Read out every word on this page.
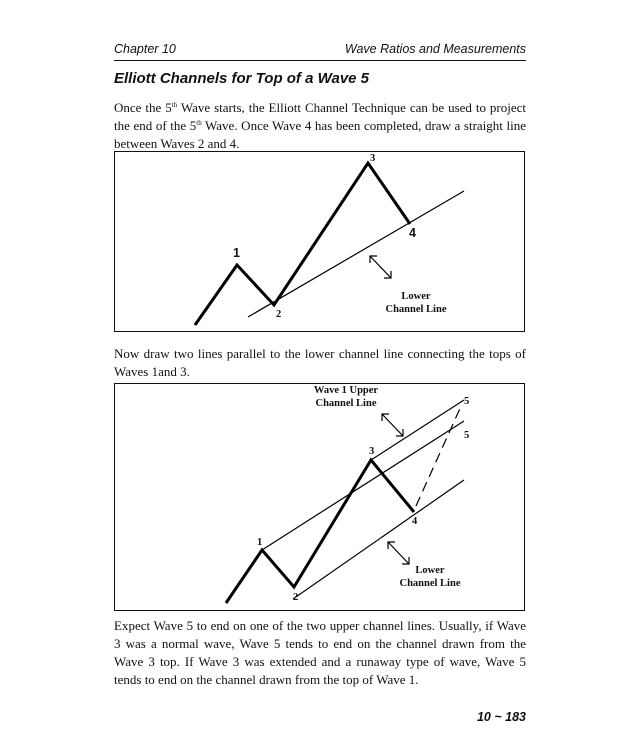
Chapter 10	Wave Ratios and Measurements
Elliott Channels for Top of a Wave 5

Once the 5th Wave starts, the Elliott Channel Technique can be used to project the end of the 5th Wave. Once Wave 4 has been completed, draw a straight line between Waves 2 and 4.

3
4
1
2
Lower
Channel Line

Now draw two lines parallel to the lower channel line connecting the tops of Waves 1and 3.

Wave 1 Upper
Channel Line	5
5
3
4
1
2
Lower
Channel Line

Expect Wave 5 to end on one of the two upper channel lines. Usually, if Wave 3 was a normal wave, Wave 5 tends to end on the channel drawn from the Wave 3 top. If Wave 3 was extended and a runaway type of wave, Wave 5 tends to end on the channel drawn from the top of Wave 1.

10 ~ 183
